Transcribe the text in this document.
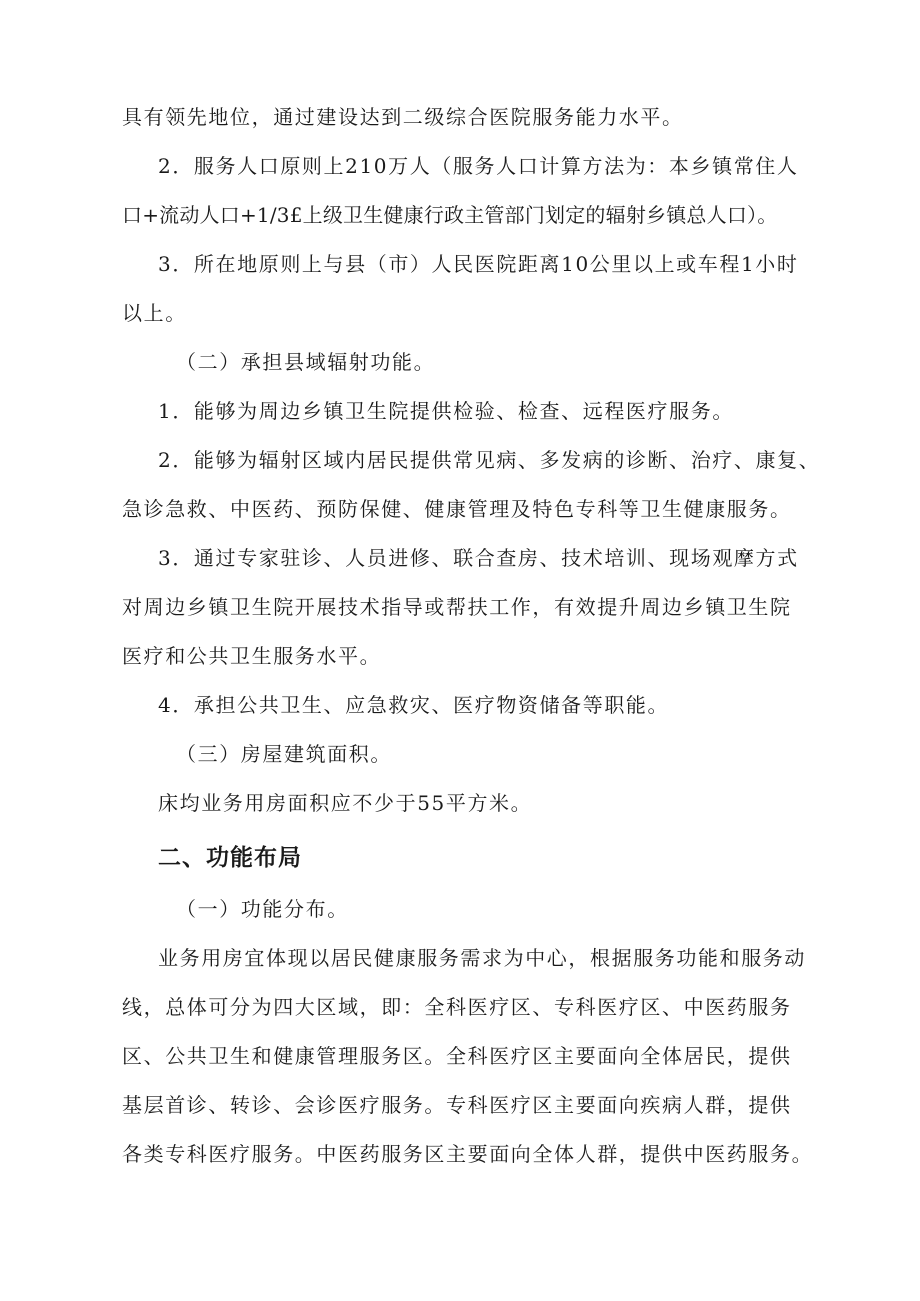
具有领先地位，通过建设达到二级综合医院服务能力水平。
2．服务人口原则上210万人（服务人口计算方法为：本乡镇常住人
口+流动人口+1/3£上级卫生健康行政主管部门划定的辐射乡镇总人口）。
3．所在地原则上与县（市）人民医院距离10公里以上或车程1小时
以上。
（二）承担县域辐射功能。
1．能够为周边乡镇卫生院提供检验、检查、远程医疗服务。
2．能够为辐射区域内居民提供常见病、多发病的诊断、治疗、康复、
急诊急救、中医药、预防保健、健康管理及特色专科等卫生健康服务。
3．通过专家驻诊、人员进修、联合查房、技术培训、现场观摩方式
对周边乡镇卫生院开展技术指导或帮扶工作，有效提升周边乡镇卫生院
医疗和公共卫生服务水平。
4．承担公共卫生、应急救灾、医疗物资储备等职能。
（三）房屋建筑面积。
床均业务用房面积应不少于55平方米。
二、功能布局
（一）功能分布。
业务用房宜体现以居民健康服务需求为中心，根据服务功能和服务动
线，总体可分为四大区域，即：全科医疗区、专科医疗区、中医药服务
区、公共卫生和健康管理服务区。全科医疗区主要面向全体居民，提供
基层首诊、转诊、会诊医疗服务。专科医疗区主要面向疾病人群，提供
各类专科医疗服务。中医药服务区主要面向全体人群，提供中医药服务。
